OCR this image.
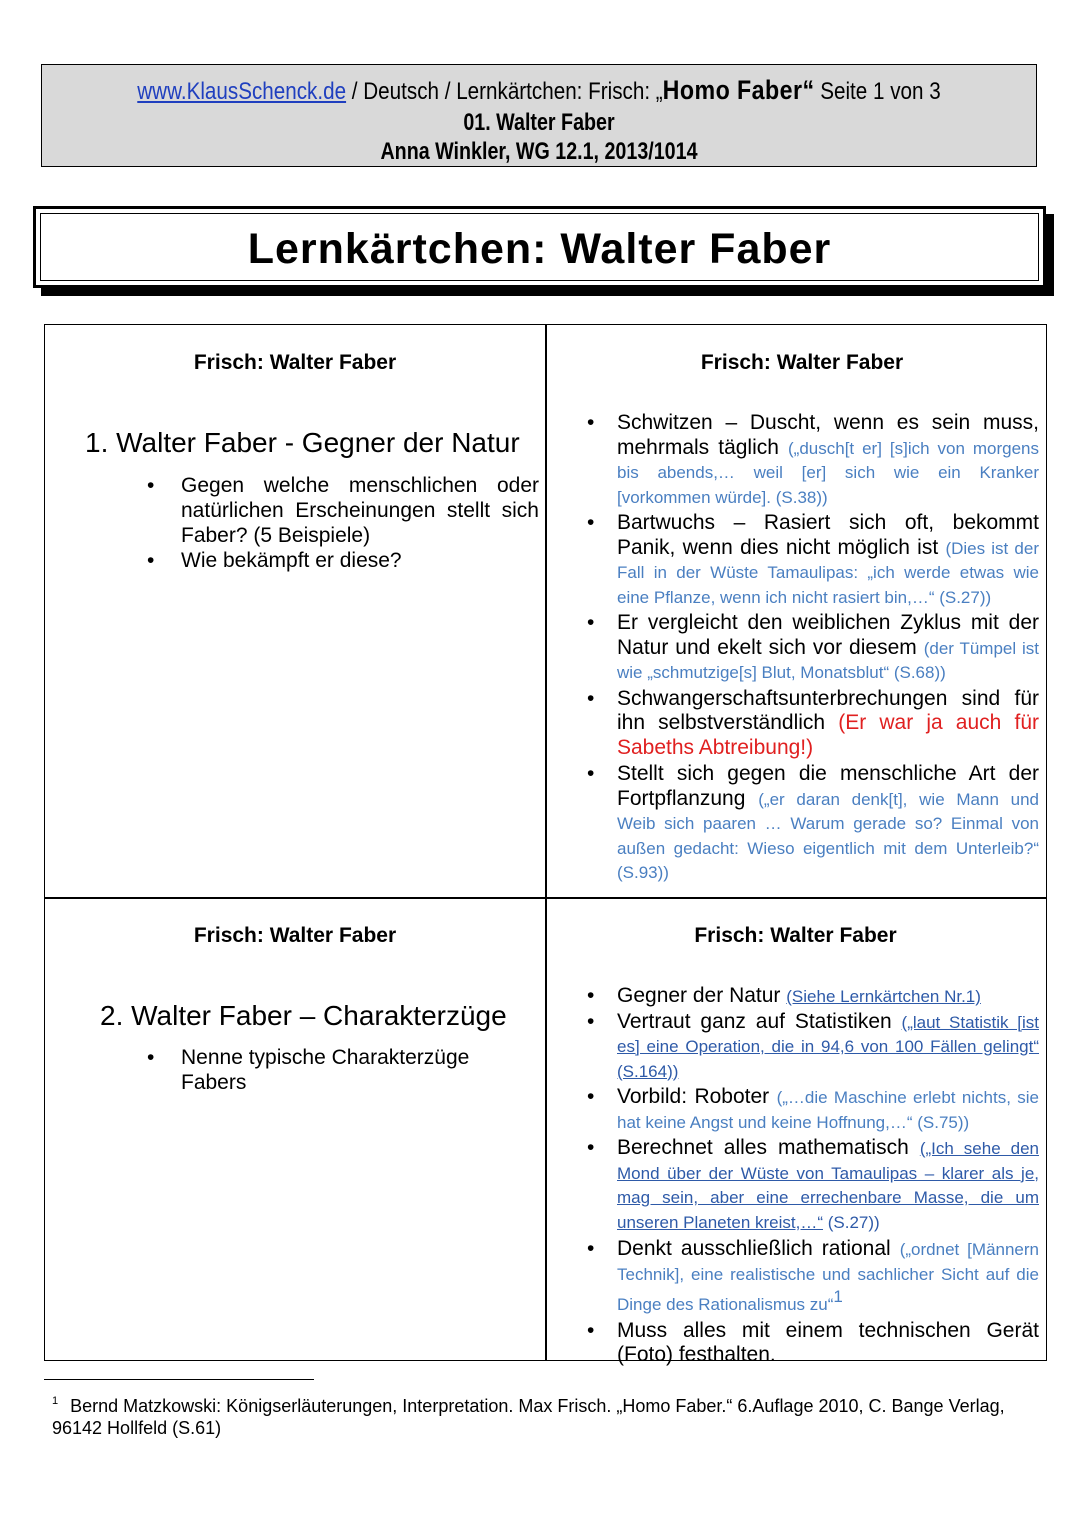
www.KlausSchenck.de / Deutsch / Lernkärtchen: Frisch: „Homo Faber“ Seite 1 von 3
01. Walter Faber
Anna Winkler, WG 12.1, 2013/1014
Lernkärtchen: Walter Faber
Frisch: Walter Faber
1. Walter Faber - Gegner der Natur
• Gegen welche menschlichen oder natürlichen Erscheinungen stellt sich Faber? (5 Beispiele)
• Wie bekämpft er diese?
Frisch: Walter Faber
• Schwitzen – Duscht, wenn es sein muss, mehrmals täglich („dusch[t er] [s]ich von morgens bis abends,… weil [er] sich wie ein Kranker [vorkommen würde]. (S.38))
• Bartwuchs – Rasiert sich oft, bekommt Panik, wenn dies nicht möglich ist (Dies ist der Fall in der Wüste Tamaulipas: „ich werde etwas wie eine Pflanze, wenn ich nicht rasiert bin,…“ (S.27))
• Er vergleicht den weiblichen Zyklus mit der Natur und ekelt sich vor diesem (der Tümpel ist wie „schmutzige[s] Blut, Monatsblut“ (S.68))
• Schwangerschaftsunterbrechungen sind für ihn selbstverständlich (Er war ja auch für Sabeths Abtreibung!)
• Stellt sich gegen die menschliche Art der Fortpflanzung („er daran denk[t], wie Mann und Weib sich paaren … Warum gerade so? Einmal von außen gedacht: Wieso eigentlich mit dem Unterleib?“ (S.93))
Frisch: Walter Faber
2. Walter Faber – Charakterzüge
• Nenne typische Charakterzüge Fabers
Frisch: Walter Faber
• Gegner der Natur (Siehe Lernkärtchen Nr.1)
• Vertraut ganz auf Statistiken („laut Statistik [ist es] eine Operation, die in 94,6 von 100 Fällen gelingt“ (S.164))
• Vorbild: Roboter („…die Maschine erlebt nichts, sie hat keine Angst und keine Hoffnung,…“ (S.75))
• Berechnet alles mathematisch („Ich sehe den Mond über der Wüste von Tamaulipas – klarer als je, mag sein, aber eine errechenbare Masse, die um unseren Planeten kreist,…“ (S.27))
• Denkt ausschließlich rational („ordnet [Männern Technik], eine realistische und sachlicher Sicht auf die Dinge des Rationalismus zu“$^1$
• Muss alles mit einem technischen Gerät (Foto) festhalten.
$^1$ Bernd Matzkowski: Königserläuterungen, Interpretation. Max Frisch. „Homo Faber.“ 6.Auflage 2010, C. Bange Verlag, 96142 Hollfeld (S.61)
